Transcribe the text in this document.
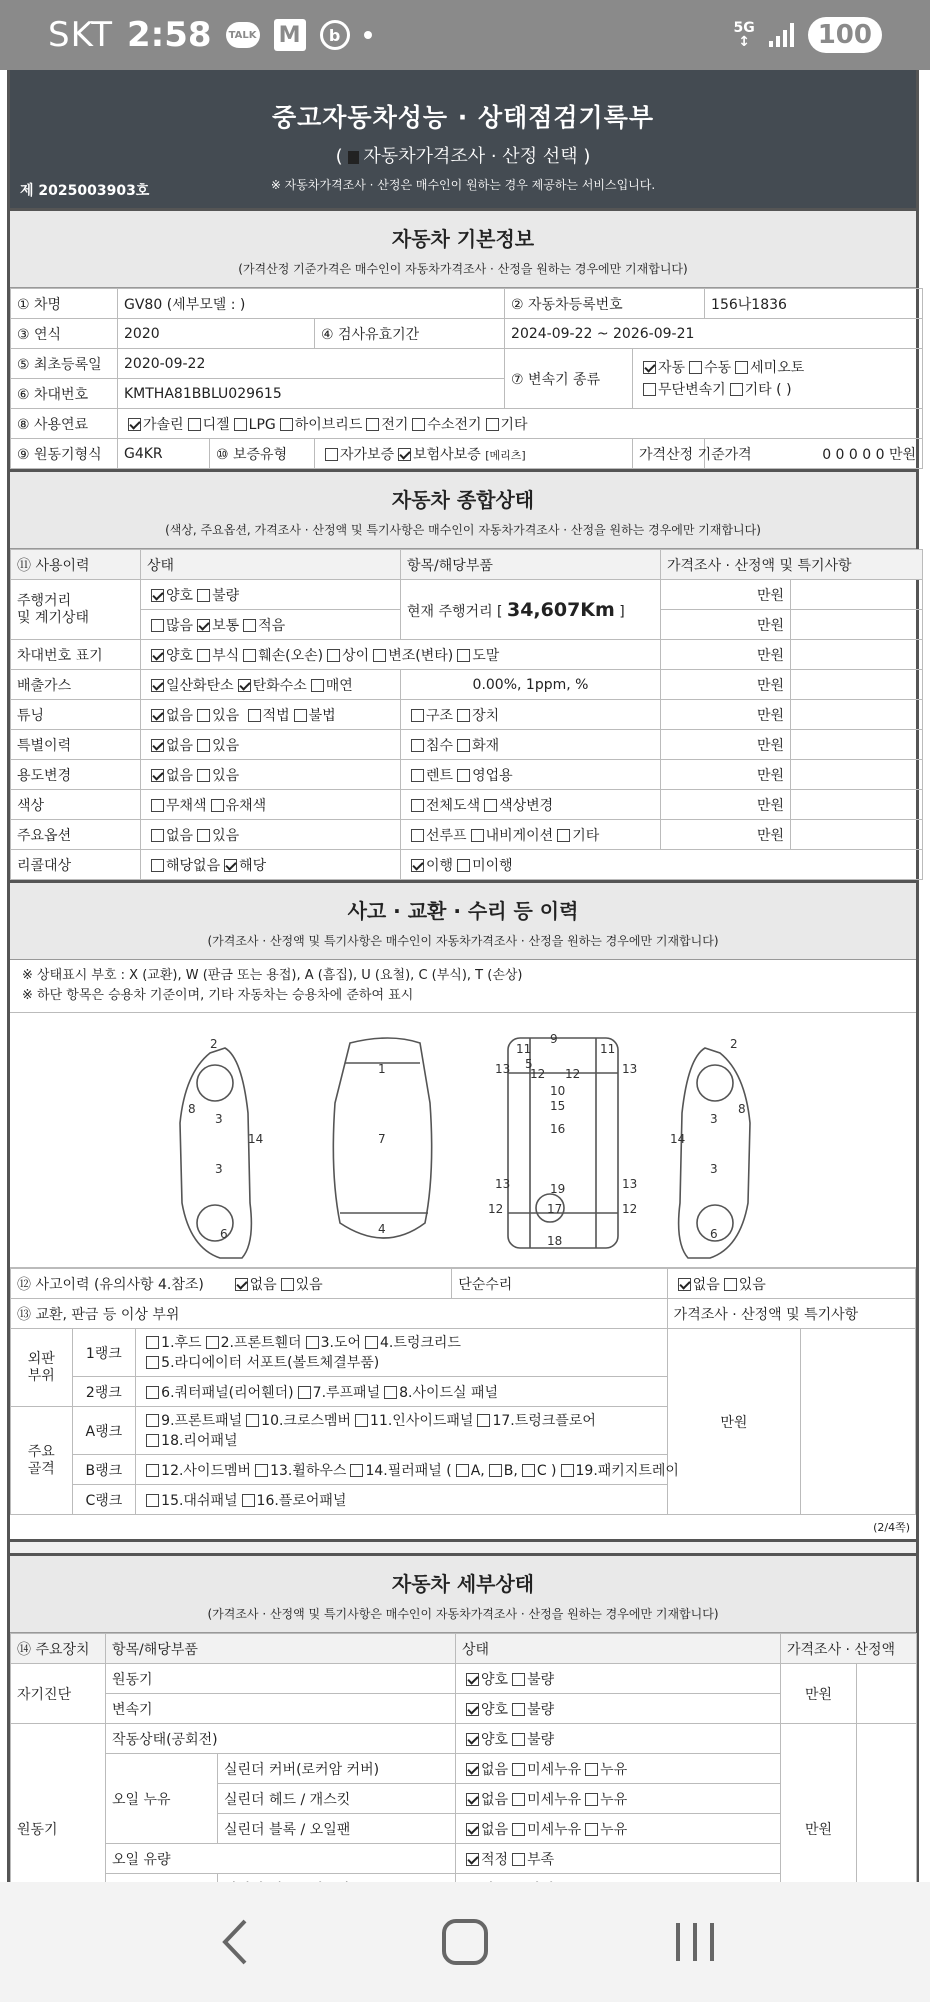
SKT 2:58	TALK M	b	5G
↕	100
중고자동차성능 · 상태점검기록부
( 자동차가격조사 · 산정 선택 )
※ 자동차가격조사 · 산정은 매수인이 원하는 경우 제공하는 서비스입니다.
제 2025003903호
자동차 기본정보
(가격산정 기준가격은 매수인이 자동차가격조사 · 산정을 원하는 경우에만 기재합니다)
① 차명	GV80 (세부모델 : )			② 자동차등록번호		156나1836
③ 연식	2020		④ 검사유효기간	2024-09-22 ~ 2026-09-21		
⑤ 최초등록일	2020-09-22			⑦ 변속기 종류	자동 수동 세미오토
무단변속기 기타 ( )	
⑥ 차대번호	KMTHA81BBLU029615					
⑧ 사용연료	가솔린 디젤 LPG 하이브리드 전기 수소전기 기타					
⑨ 원동기형식	G4KR	⑩ 보증유형	자가보증 보험사보증 [메리츠]		가격산정 기준가격	0 0 0 0 0 만원
자동차 종합상태
(색상, 주요옵션, 가격조사 · 산정액 및 특기사항은 매수인이 자동차가격조사 · 산정을 원하는 경우에만 기재합니다)
⑪ 사용이력	상태	항목/해당부품	가격조사 · 산정액 및 특기사항	
주행거리
및 계기상태	양호 불량	현재 주행거리 [ 34,607Km ]	만원	
	많음 보통 적음		만원	
차대번호 표기	양호 부식 훼손(오손) 상이 변조(변타) 도말		만원	
배출가스	일산화탄소 탄화수소 매연	0.00%, 1ppm, %	만원	
튜닝	없음 있음 적법 불법	구조 장치	만원	
특별이력	없음 있음	침수 화재	만원	
용도변경	없음 있음	렌트 영업용	만원	
색상	무채색 유채색	전체도색 색상변경	만원	
주요옵션	없음 있음	선루프 내비게이션 기타	만원	
리콜대상	해당없음 해당	이행 미이행		
사고 · 교환 · 수리 등 이력
(가격조사 · 산정액 및 특기사항은 매수인이 자동차가격조사 · 산정을 원하는 경우에만 기재합니다)
※ 상태표시 부호 : X (교환), W (판금 또는 용접), A (흠집), U (요철), C (부식), T (손상)
※ 하단 항목은 승용차 기준이며, 기타 자동차는 승용차에 준하여 표시
2
3
3
8
14
6
1
7
4
9
11	11
5
13	13
12 12
10
15
16
13	13
19
12	12
17
18
2
3
3
14
8
6
⑫ 사고이력 (유의사항 4.참조) 없음 있음			단순수리	없음 있음	
⑬ 교환, 판금 등 이상 부위				가격조사 · 산정액 및 특기사항	
외판
부위	1랭크	1.후드 2.프론트휀더 3.도어 4.트렁크리드
5.라디에이터 서포트(볼트체결부품)		만원	
	2랭크	6.쿼터패널(리어휀더) 7.루프패널 8.사이드실 패널			
주요
골격	A랭크	9.프론트패널 10.크로스멤버 11.인사이드패널 17.트렁크플로어
18.리어패널			
	B랭크	12.사이드멤버 13.휠하우스 14.필러패널 ( A, B, C ) 19.패키지트레이			
	C랭크	15.대쉬패널 16.플로어패널			
(2/4쪽)
자동차 세부상태
(가격조사 · 산정액 및 특기사항은 매수인이 자동차가격조사 · 산정을 원하는 경우에만 기재합니다)
⑭ 주요장치	항목/해당부품		상태	가격조사 · 산정액	
자기진단	원동기		양호 불량	만원	
	변속기		양호 불량		
원동기	작동상태(공회전)		양호 불량	만원	
	오일 누유	실린더 커버(로커암 커버)	없음 미세누유 누유		
		실린더 헤드 / 개스킷	없음 미세누유 누유		
		실린더 블록 / 오일팬	없음 미세누유 누유		
	오일 유량		적정 부족		
